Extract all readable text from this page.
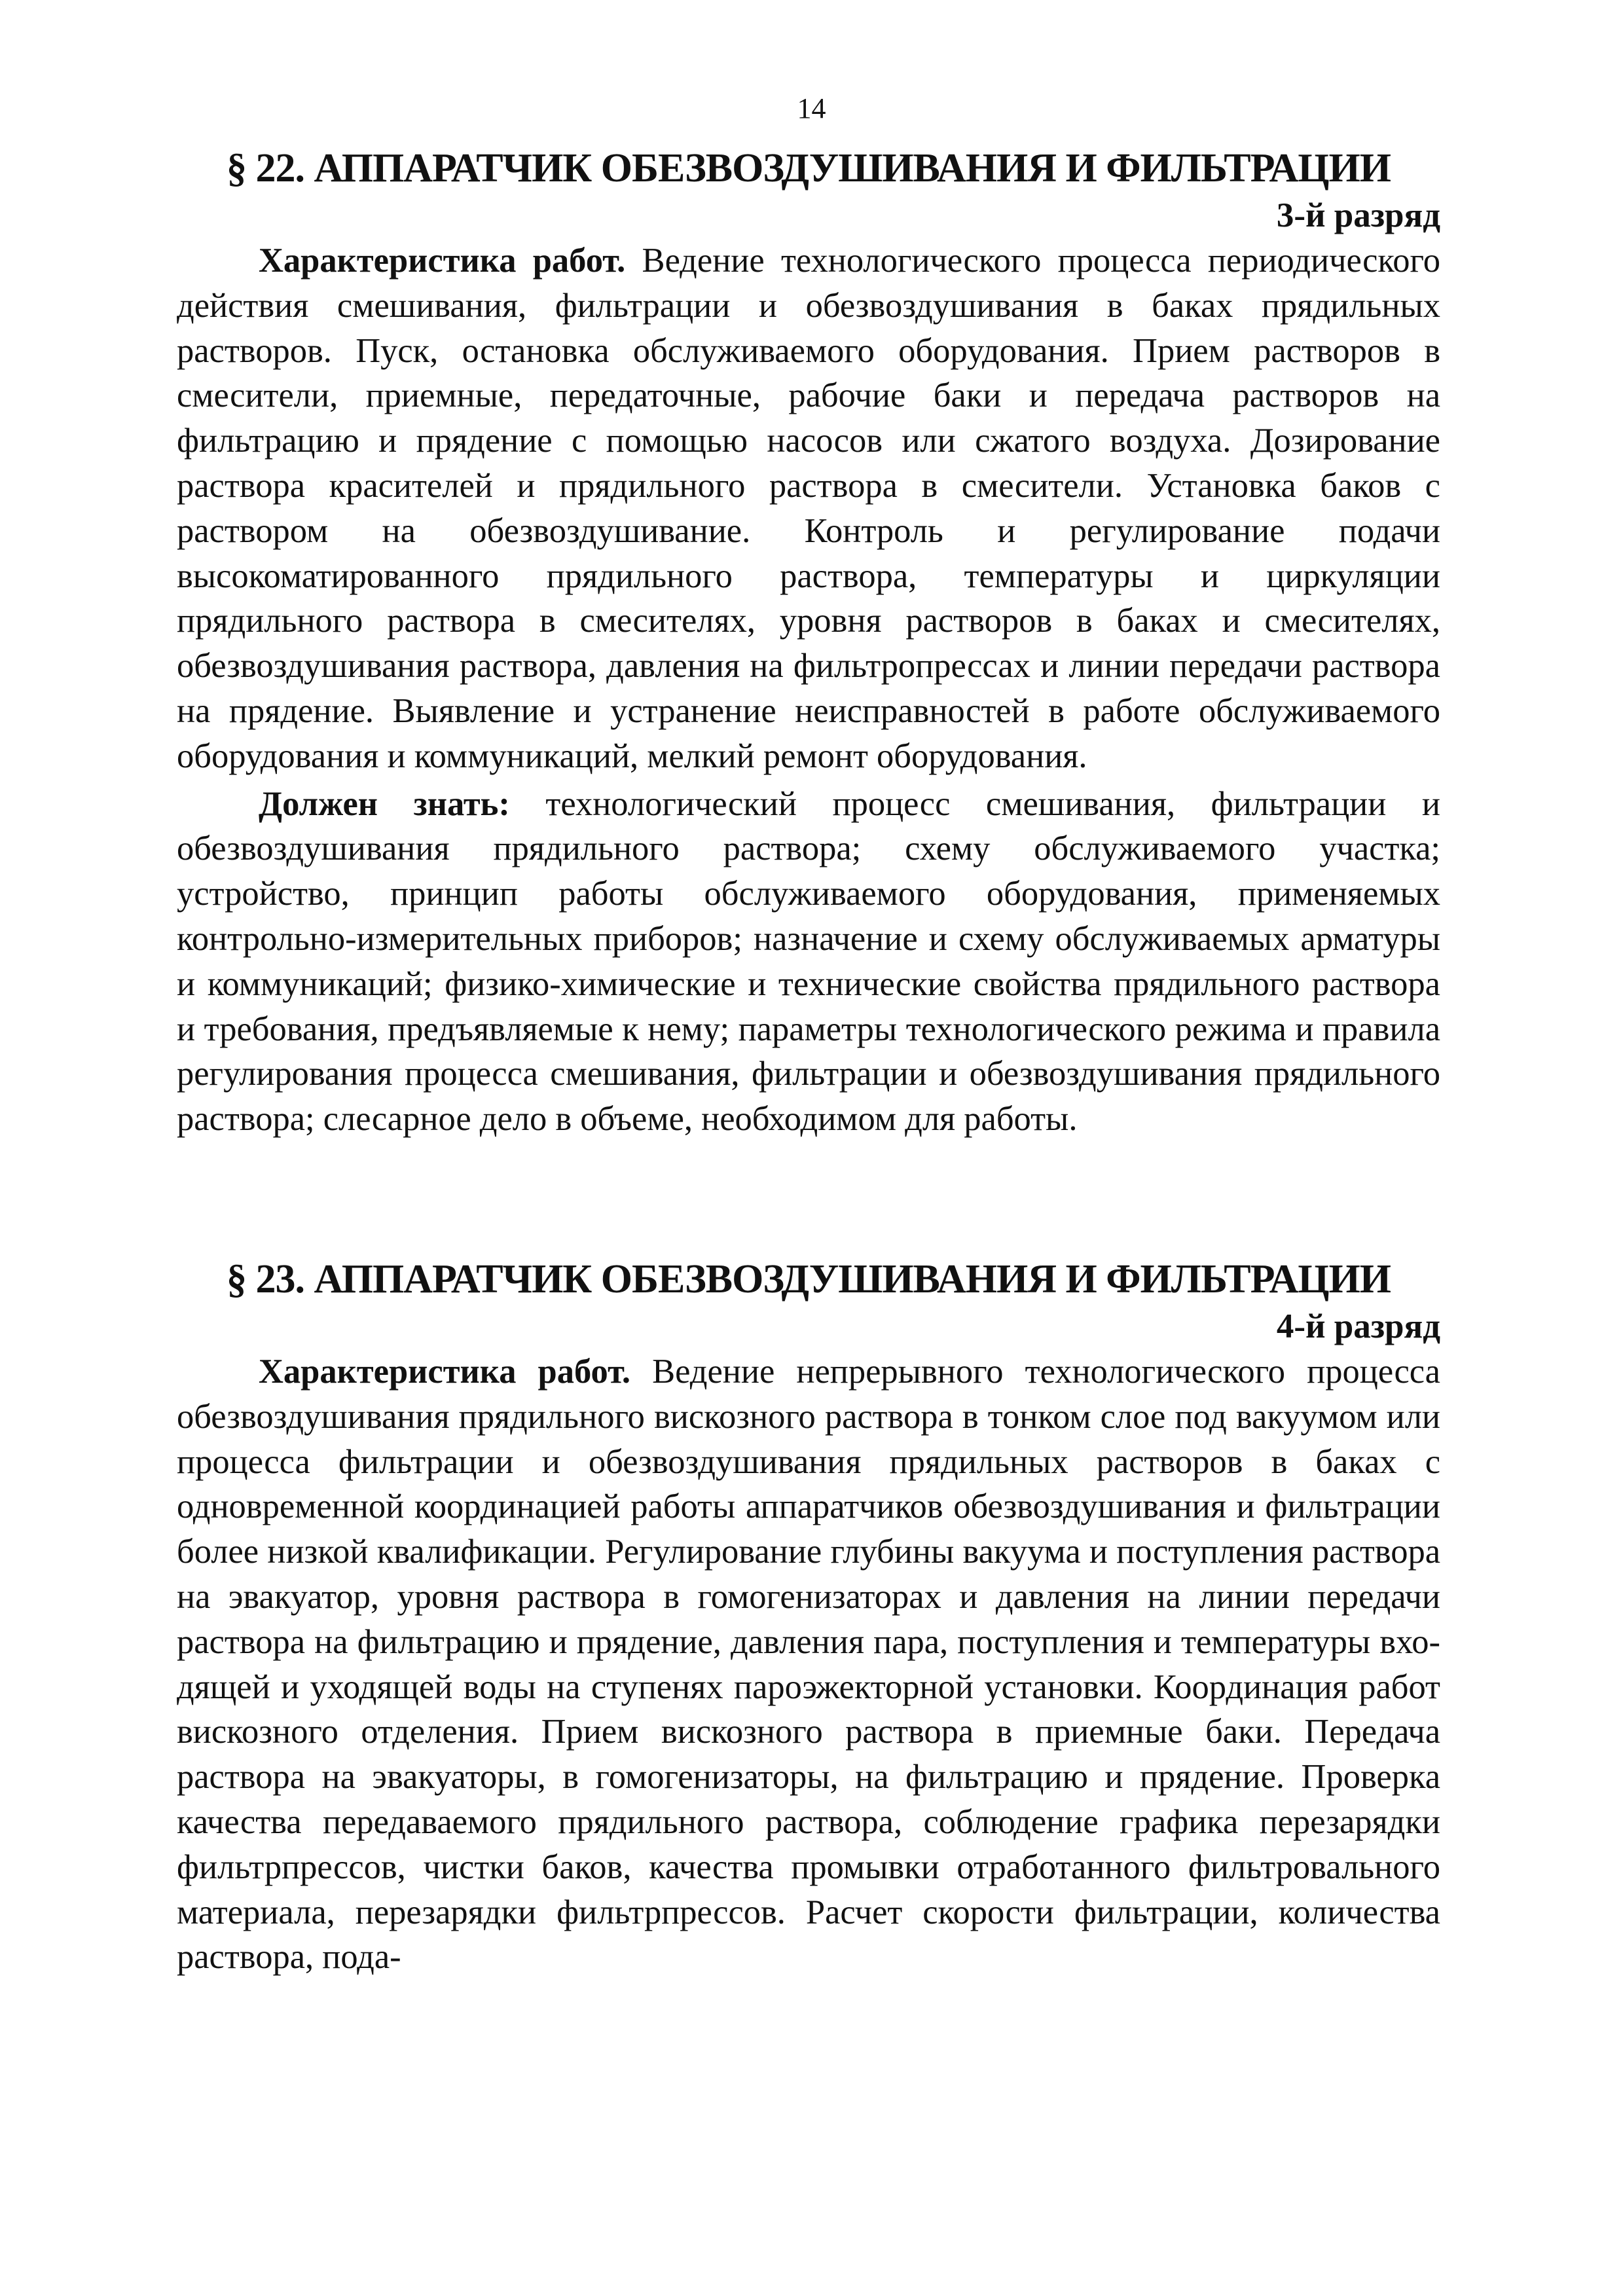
14
§ 22. АППАРАТЧИК ОБЕЗВОЗДУШИВАНИЯ И ФИЛЬТРАЦИИ
3-й разряд

Характеристика работ. Ведение технологического процесса периодического действия смешивания, фильтрации и обезвоздушивания в баках прядильных растворов. Пуск, остановка обслуживаемого оборудования. Прием растворов в смесители, приемные, передаточные, рабочие баки и передача растворов на фильтрацию и прядение с помощью насосов или сжатого воздуха. Дозирование раствора красителей и прядильного раствора в смесители. Установка баков с раствором на обезвоздушивание. Контроль и регулирование подачи высокоматированного прядильного раствора, температуры и циркуляции прядильного раствора в смесителях, уровня растворов в баках и смесителях, обезвоздушивания раствора, давления на фильтропрессах и линии передачи раствора на прядение. Выявление и устранение неисправностей в работе обслуживаемого оборудования и коммуникаций, мелкий ремонт оборудования.

Должен знать: технологический процесс смешивания, фильтрации и обезвоздушивания прядильного раствора; схему обслуживаемого участка; устройство, принцип работы обслуживаемого оборудования, применяемых контрольно-измерительных приборов; назначение и схему обслуживаемых арматуры и коммуникаций; физико-химические и технические свойства прядильного раствора и требования, предъявляемые к нему; параметры технологического режима и правила регулирования процесса смешивания, фильтрации и обезвоздушивания прядильного раствора; слесарное дело в объеме, необходимом для работы.

§ 23. АППАРАТЧИК ОБЕЗВОЗДУШИВАНИЯ И ФИЛЬТРАЦИИ
4-й разряд

Характеристика работ. Ведение непрерывного технологического процесса обезвоздушивания прядильного вискозного раствора в тонком слое под вакуумом или процесса фильтрации и обезвоздушивания прядильных растворов в баках с одновременной координацией работы аппаратчиков обезвоздушивания и фильтрации более низкой квалификации. Регулирование глубины вакуума и поступления раствора на эвакуатор, уровня раствора в гомогенизаторах и давления на линии передачи раствора на фильтрацию и прядение, давления пара, поступления и температуры входящей и уходящей воды на ступенях пароэжекторной установки. Координация работ вискозного отделения. Прием вискозного раствора в приемные баки. Передача раствора на эвакуаторы, в гомогенизаторы, на фильтрацию и прядение. Проверка качества передаваемого прядильного раствора, соблюдение графика перезарядки фильтрпрессов, чистки баков, качества промывки отработанного фильтровального материала, перезарядки фильтрпрессов. Расчет скорости фильтрации, количества раствора, пода-
